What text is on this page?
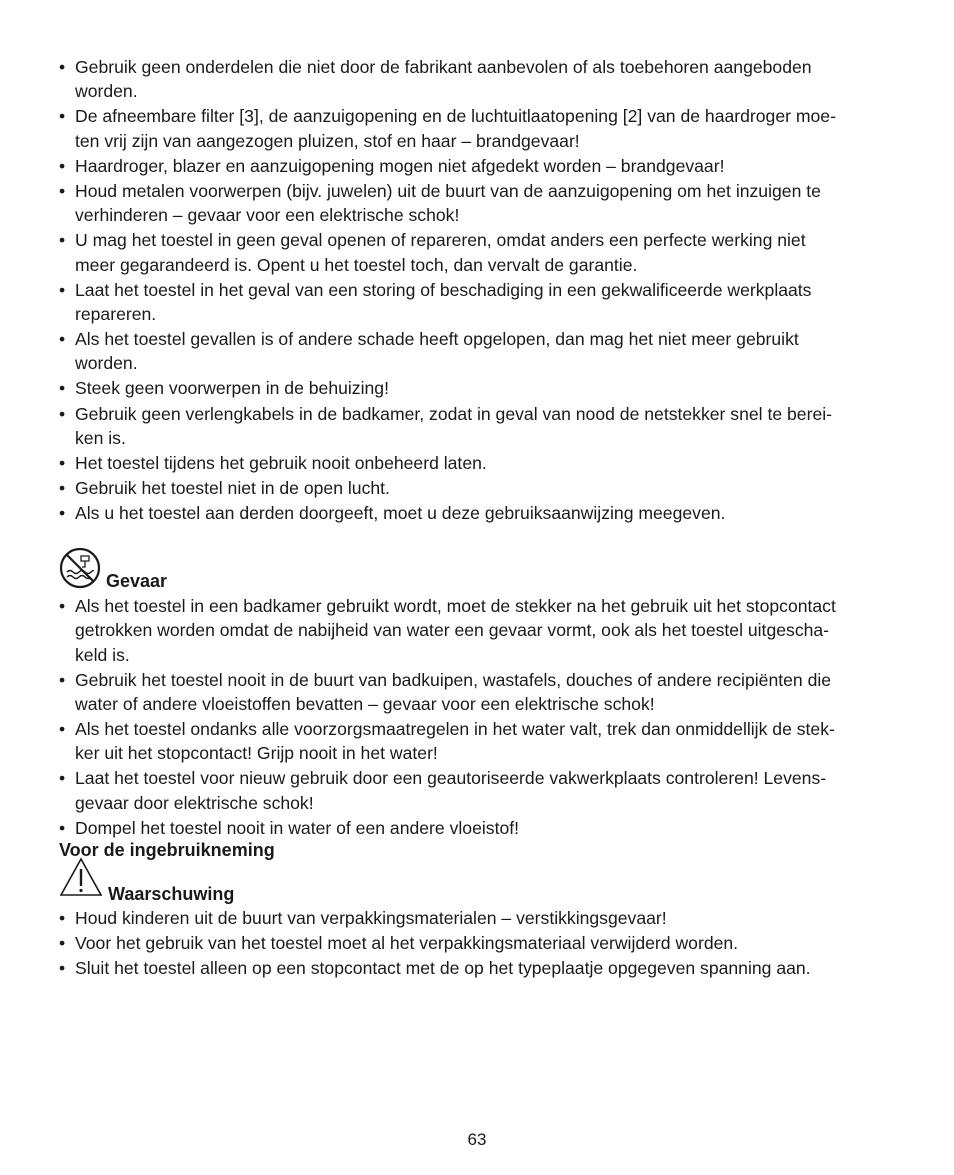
• Gebruik geen onderdelen die niet door de fabrikant aanbevolen of als toebehoren aangeboden
worden.
• De afneembare filter [3], de aanzuigopening en de luchtuitlaatopening [2] van de haardroger moe-
ten vrij zijn van aangezogen pluizen, stof en haar – brandgevaar!
• Haardroger, blazer en aanzuigopening mogen niet afgedekt worden – brandgevaar!
• Houd metalen voorwerpen (bijv. juwelen) uit de buurt van de aanzuigopening om het inzuigen te
verhinderen – gevaar voor een elektrische schok!
• U mag het toestel in geen geval openen of repareren, omdat anders een perfecte werking niet
meer gegarandeerd is. Opent u het toestel toch, dan vervalt de garantie.
• Laat het toestel in het geval van een storing of beschadiging in een gekwalificeerde werkplaats
repareren.
• Als het toestel gevallen is of andere schade heeft opgelopen, dan mag het niet meer gebruikt
worden.
• Steek geen voorwerpen in de behuizing!
• Gebruik geen verlengkabels in de badkamer, zodat in geval van nood de netstekker snel te berei-
ken is.
• Het toestel tijdens het gebruik nooit onbeheerd laten.
• Gebruik het toestel niet in de open lucht.
• Als u het toestel aan derden doorgeeft, moet u deze gebruiksaanwijzing meegeven.
Gevaar
• Als het toestel in een badkamer gebruikt wordt, moet de stekker na het gebruik uit het stopcontact
getrokken worden omdat de nabijheid van water een gevaar vormt, ook als het toestel uitgescha-
keld is.
• Gebruik het toestel nooit in de buurt van badkuipen, wastafels, douches of andere recipiënten die
water of andere vloeistoffen bevatten – gevaar voor een elektrische schok!
• Als het toestel ondanks alle voorzorgsmaatregelen in het water valt, trek dan onmiddellijk de stek-
ker uit het stopcontact! Grijp nooit in het water!
• Laat het toestel voor nieuw gebruik door een geautoriseerde vakwerkplaats controleren! Levens-
gevaar door elektrische schok!
• Dompel het toestel nooit in water of een andere vloeistof!
Voor de ingebruikneming
Waarschuwing
• Houd kinderen uit de buurt van verpakkingsmaterialen – verstikkingsgevaar!
• Voor het gebruik van het toestel moet al het verpakkingsmateriaal verwijderd worden.
• Sluit het toestel alleen op een stopcontact met de op het typeplaatje opgegeven spanning aan.
63
